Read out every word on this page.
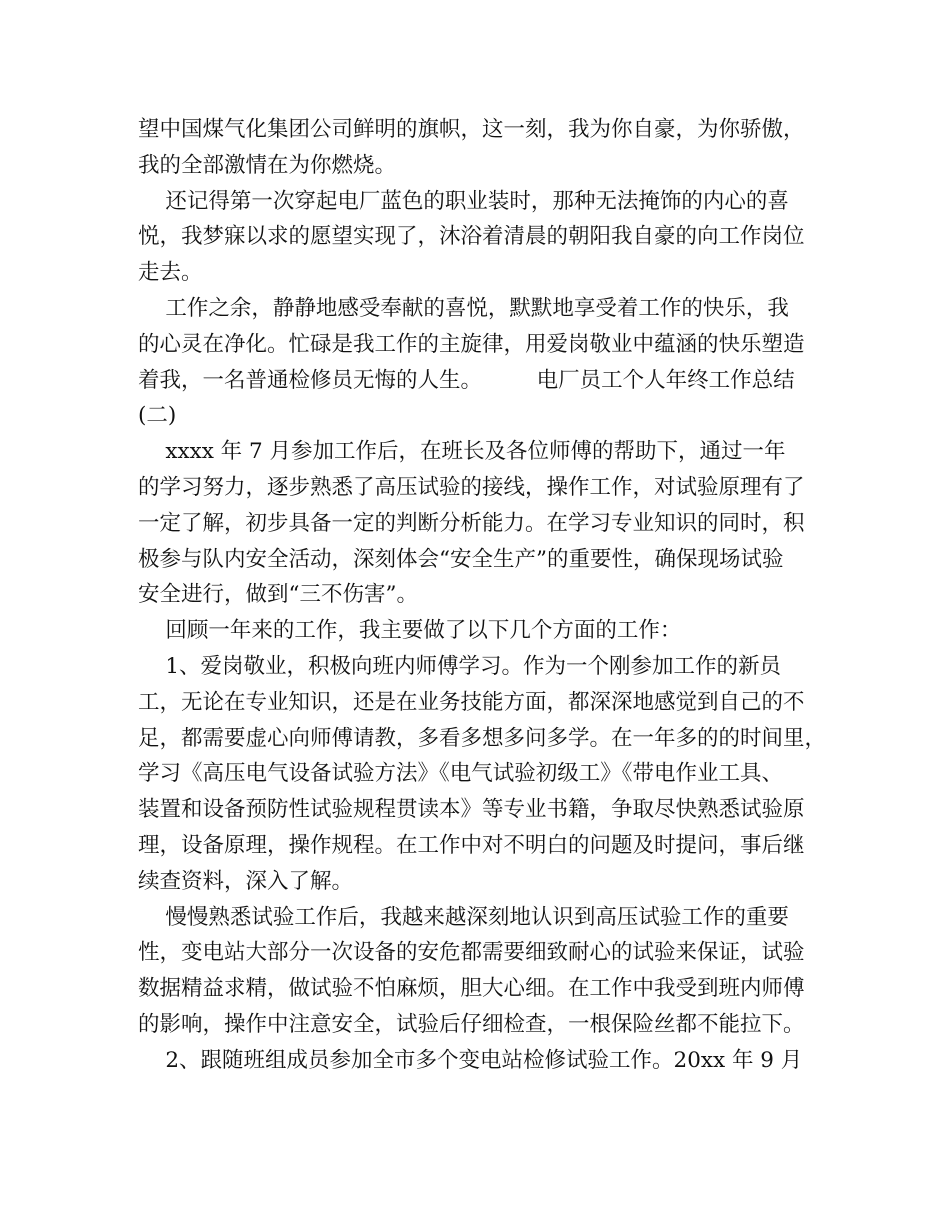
望中国煤气化集团公司鲜明的旗帜，这一刻，我为你自豪，为你骄傲，
我的全部激情在为你燃烧。
还记得第一次穿起电厂蓝色的职业装时，那种无法掩饰的内心的喜
悦，我梦寐以求的愿望实现了，沐浴着清晨的朝阳我自豪的向工作岗位
走去。
工作之余，静静地感受奉献的喜悦，默默地享受着工作的快乐，我
的心灵在净化。忙碌是我工作的主旋律，用爱岗敬业中蕴涵的快乐塑造
着我，一名普通检修员无悔的人生。        电厂员工个人年终工作总结
(二)
xxxx 年 7 月参加工作后，在班长及各位师傅的帮助下，通过一年
的学习努力，逐步熟悉了高压试验的接线，操作工作，对试验原理有了
一定了解，初步具备一定的判断分析能力。在学习专业知识的同时，积
极参与队内安全活动，深刻体会“安全生产”的重要性，确保现场试验
安全进行，做到“三不伤害”。
回顾一年来的工作，我主要做了以下几个方面的工作：
1、爱岗敬业，积极向班内师傅学习。作为一个刚参加工作的新员
工，无论在专业知识，还是在业务技能方面，都深深地感觉到自己的不
足，都需要虚心向师傅请教，多看多想多问多学。在一年多的的时间里，
学习《高压电气设备试验方法》《电气试验初级工》《带电作业工具、
装置和设备预防性试验规程贯读本》等专业书籍，争取尽快熟悉试验原
理，设备原理，操作规程。在工作中对不明白的问题及时提问，事后继
续查资料，深入了解。
慢慢熟悉试验工作后，我越来越深刻地认识到高压试验工作的重要
性，变电站大部分一次设备的安危都需要细致耐心的试验来保证，试验
数据精益求精，做试验不怕麻烦，胆大心细。在工作中我受到班内师傅
的影响，操作中注意安全，试验后仔细检查，一根保险丝都不能拉下。
2、跟随班组成员参加全市多个变电站检修试验工作。20xx 年 9 月
